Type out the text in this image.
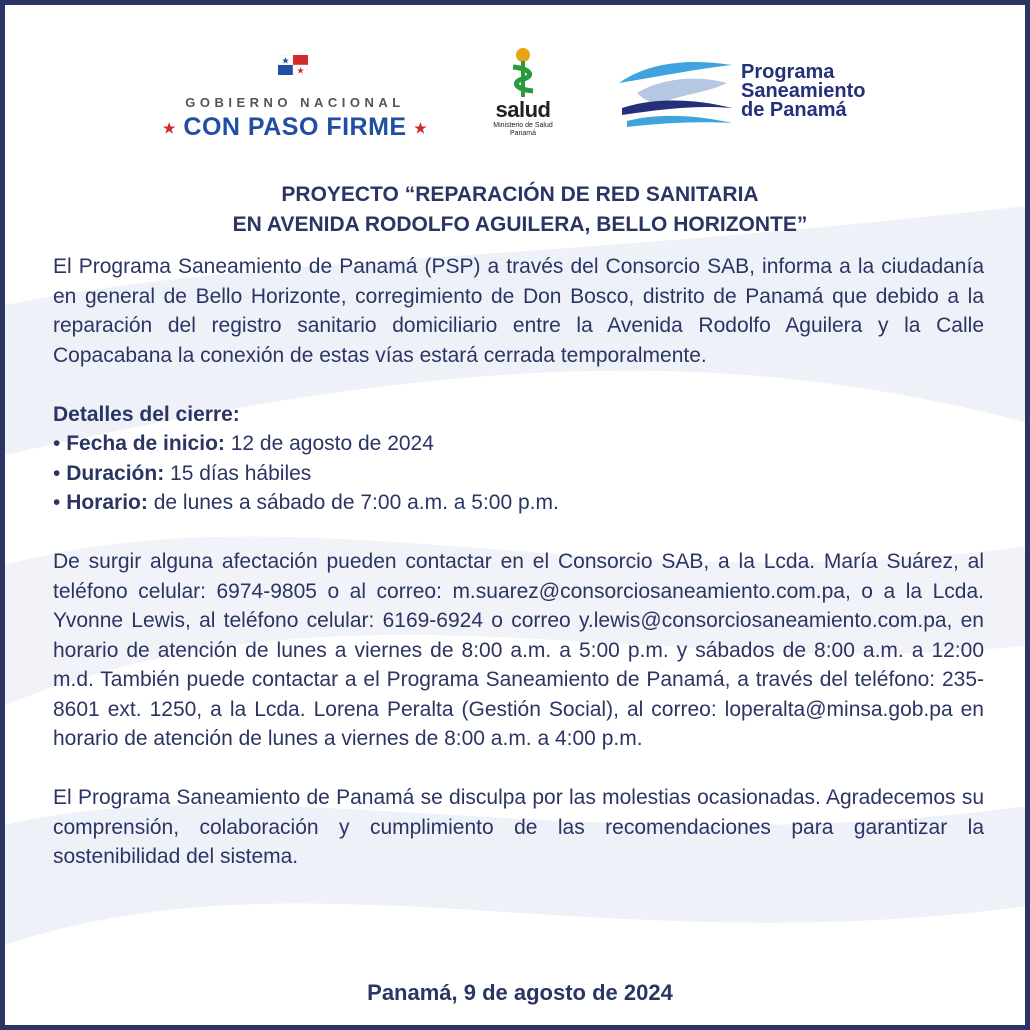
GOBIERNO NACIONAL
★ CON PASO FIRME ★
salud
Ministerio de Salud
Panamá
Programa
Saneamiento
de Panamá
PROYECTO “REPARACIÓN DE RED SANITARIA
EN AVENIDA RODOLFO AGUILERA, BELLO HORIZONTE”

El Programa Saneamiento de Panamá (PSP) a través del Consorcio SAB, informa a la ciudadanía en general de Bello Horizonte, corregimiento de Don Bosco, distrito de Panamá que debido a la reparación del registro sanitario domiciliario entre la Avenida Rodolfo Aguilera y la Calle Copacabana la conexión de estas vías estará cerrada temporalmente.

Detalles del cierre:

• Fecha de inicio: 12 de agosto de 2024

• Duración: 15 días hábiles

• Horario: de lunes a sábado de 7:00 a.m. a 5:00 p.m.

De surgir alguna afectación pueden contactar en el Consorcio SAB, a la Lcda. María Suárez, al teléfono celular: 6974-9805 o al correo: m.suarez@consorciosaneamiento.com.pa, o a la Lcda. Yvonne Lewis, al teléfono celular: 6169-6924 o correo y.lewis@consorciosaneamiento.com.pa, en horario de atención de lunes a viernes de 8:00 a.m. a 5:00 p.m. y sábados de 8:00 a.m. a 12:00 m.d. También puede contactar a el Programa Saneamiento de Panamá, a través del teléfono: 235-8601 ext. 1250, a la Lcda. Lorena Peralta (Gestión Social), al correo: loperalta@minsa.gob.pa en horario de atención de lunes a viernes de 8:00 a.m. a 4:00 p.m.

El Programa Saneamiento de Panamá se disculpa por las molestias ocasionadas. Agradecemos su comprensión, colaboración y cumplimiento de las recomendaciones para garantizar la sostenibilidad del sistema.

Panamá, 9 de agosto de 2024
